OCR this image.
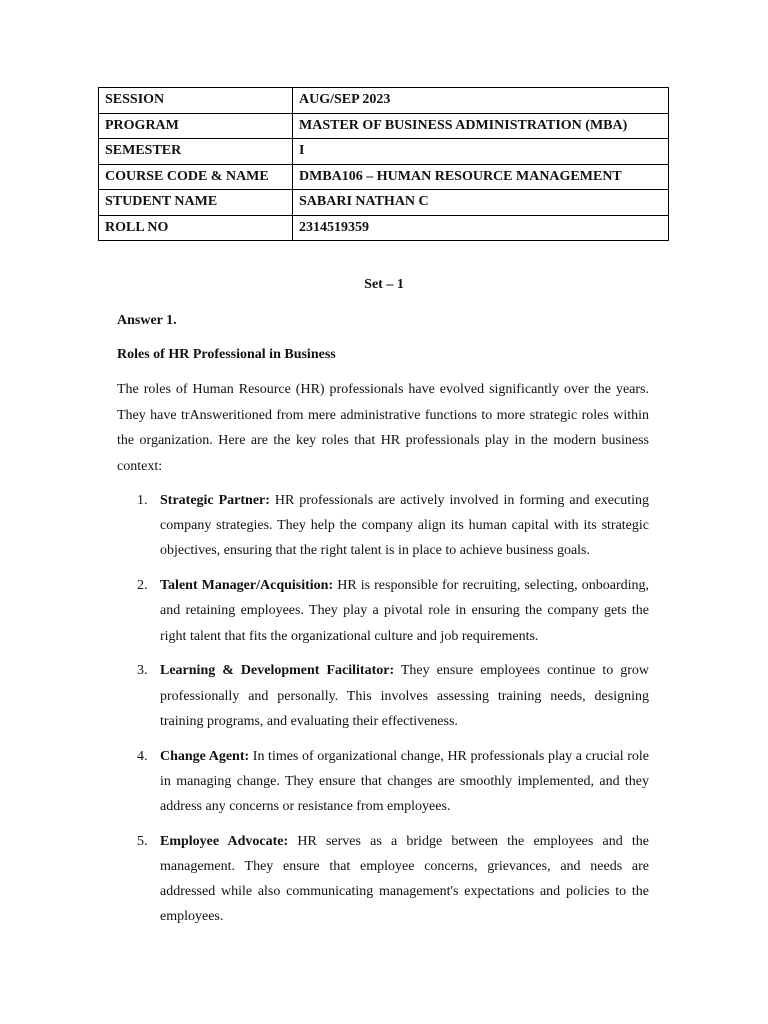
SESSION	AUG/SEP 2023
PROGRAM	MASTER OF BUSINESS ADMINISTRATION (MBA)
SEMESTER	I
COURSE CODE & NAME	DMBA106 – HUMAN RESOURCE MANAGEMENT
STUDENT NAME	SABARI NATHAN C
ROLL NO	2314519359

Set – 1

Answer 1.

Roles of HR Professional in Business

The roles of Human Resource (HR) professionals have evolved significantly over the years. They have trAnsweritioned from mere administrative functions to more strategic roles within the organization. Here are the key roles that HR professionals play in the modern business context:

1. Strategic Partner: HR professionals are actively involved in forming and executing company strategies. They help the company align its human capital with its strategic objectives, ensuring that the right talent is in place to achieve business goals.
2. Talent Manager/Acquisition: HR is responsible for recruiting, selecting, onboarding, and retaining employees. They play a pivotal role in ensuring the company gets the right talent that fits the organizational culture and job requirements.
3. Learning & Development Facilitator: They ensure employees continue to grow professionally and personally. This involves assessing training needs, designing training programs, and evaluating their effectiveness.
4. Change Agent: In times of organizational change, HR professionals play a crucial role in managing change. They ensure that changes are smoothly implemented, and they address any concerns or resistance from employees.
5. Employee Advocate: HR serves as a bridge between the employees and the management. They ensure that employee concerns, grievances, and needs are addressed while also communicating management's expectations and policies to the employees.
